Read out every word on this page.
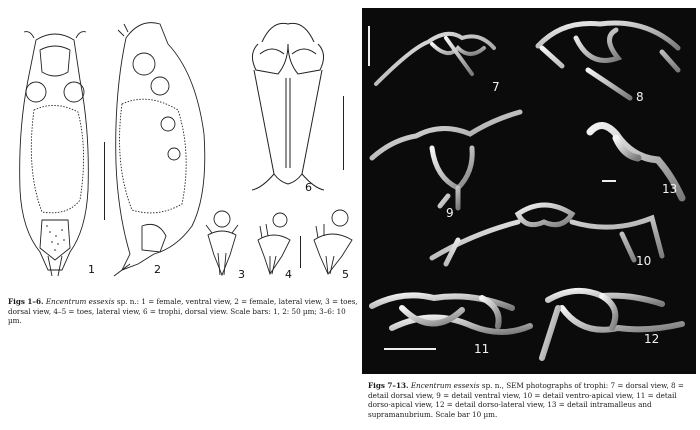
1	2
6
3	4	5
Figs 1–6. Encentrum essexis sp. n.: 1 = female, ventral view, 2 = female, lateral view, 3 = toes, dorsal view, 4–5 = toes, lateral view, 6 = trophi, dorsal view. Scale bars: 1, 2: 50 µm; 3–6: 10 µm.
7
8
9
13
10
11
12
Figs 7–13. Encentrum essexis sp. n., SEM photographs of trophi: 7 = dorsal view, 8 = detail dorsal view, 9 = detail ventral view, 10 = detail ventro-apical view, 11 = detail dorso-apical view, 12 = detail dorso-lateral view, 13 = detail intramalleus and supramanubrium. Scale bar 10 µm.
